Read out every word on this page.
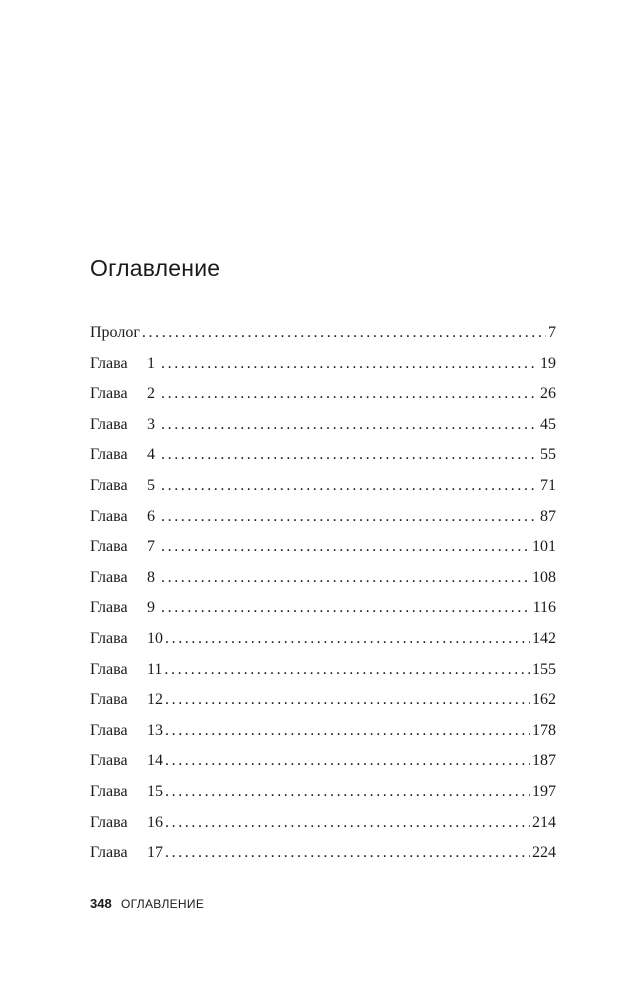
Оглавление
Пролог .....	7
Глава 1 .....	19
Глава 2 .....	26
Глава 3 .....	45
Глава 4 .....	55
Глава 5 .....	71
Глава 6 .....	87
Глава 7 .....	101
Глава 8 .....	108
Глава 9 .....	116
Глава 10 .....	142
Глава 11 .....	155
Глава 12 .....	162
Глава 13 .....	178
Глава 14 .....	187
Глава 15 .....	197
Глава 16 .....	214
Глава 17 .....	224
348 ОГЛАВЛЕНИЕ
